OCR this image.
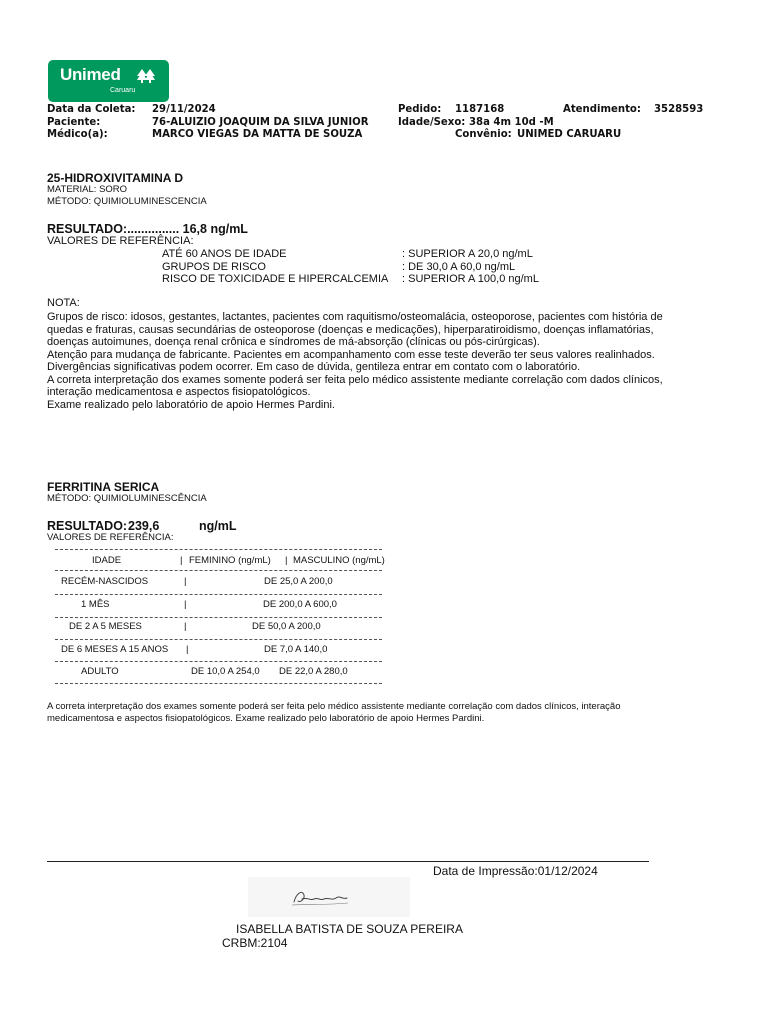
Unimed
Caruaru
Data da Coleta: 29/11/2024
Paciente:	76-ALUIZIO JOAQUIM DA SILVA JUNIOR
Médico(a):	MARCO VIEGAS DA MATTA DE SOUZA
Pedido: 1187168	Atendimento: 3528593
Idade/Sexo: 38a 4m 10d -M
Convênio: UNIMED CARUARU
25-HIDROXIVITAMINA D
MATERIAL: SORO
MÉTODO: QUIMIOLUMINESCENCIA
RESULTADO:............... 16,8 ng/mL
VALORES DE REFERÊNCIA:
ATÉ 60 ANOS DE IDADE	: SUPERIOR A 20,0 ng/mL
GRUPOS DE RISCO	: DE 30,0 A 60,0 ng/mL
RISCO DE TOXICIDADE E HIPERCALCEMIA : SUPERIOR A 100,0 ng/mL
NOTA:
Grupos de risco: idosos, gestantes, lactantes, pacientes com raquitismo/osteomalácia, osteoporose, pacientes com história de
quedas e fraturas, causas secundárias de osteoporose (doenças e medicações), hiperparatiroidismo, doenças inflamatórias,
doenças autoimunes, doença renal crônica e síndromes de má-absorção (clínicas ou pós-cirúrgicas).
Atenção para mudança de fabricante. Pacientes em acompanhamento com esse teste deverão ter seus valores realinhados.
Divergências significativas podem ocorrer. Em caso de dúvida, gentileza entrar em contato com o laboratório.
A correta interpretação dos exames somente poderá ser feita pelo médico assistente mediante correlação com dados clínicos,
interação medicamentosa e aspectos fisiopatológicos.
Exame realizado pelo laboratório de apoio Hermes Pardini.
FERRITINA SERICA
MÉTODO: QUIMIOLUMINESCÊNCIA
RESULTADO: 239,6	ng/mL
VALORES DE REFERÊNCIA:
IDADE	| FEMININO (ng/mL) | MASCULINO (ng/mL)
RECÉM-NASCIDOS	|	DE 25,0 A 200,0
1 MÊS	|	DE 200,0 A 600,0
DE 2 A 5 MESES	|	DE 50,0 A 200,0
DE 6 MESES A 15 ANOS |	DE 7,0 A 140,0
ADULTO	DE 10,0 A 254,0 DE 22,0 A 280,0
A correta interpretação dos exames somente poderá ser feita pelo médico assistente mediante correlação com dados clínicos, interação
medicamentosa e aspectos fisiopatológicos. Exame realizado pelo laboratório de apoio Hermes Pardini.
Data de Impressão:01/12/2024
ISABELLA BATISTA DE SOUZA PEREIRA
CRBM:2104
